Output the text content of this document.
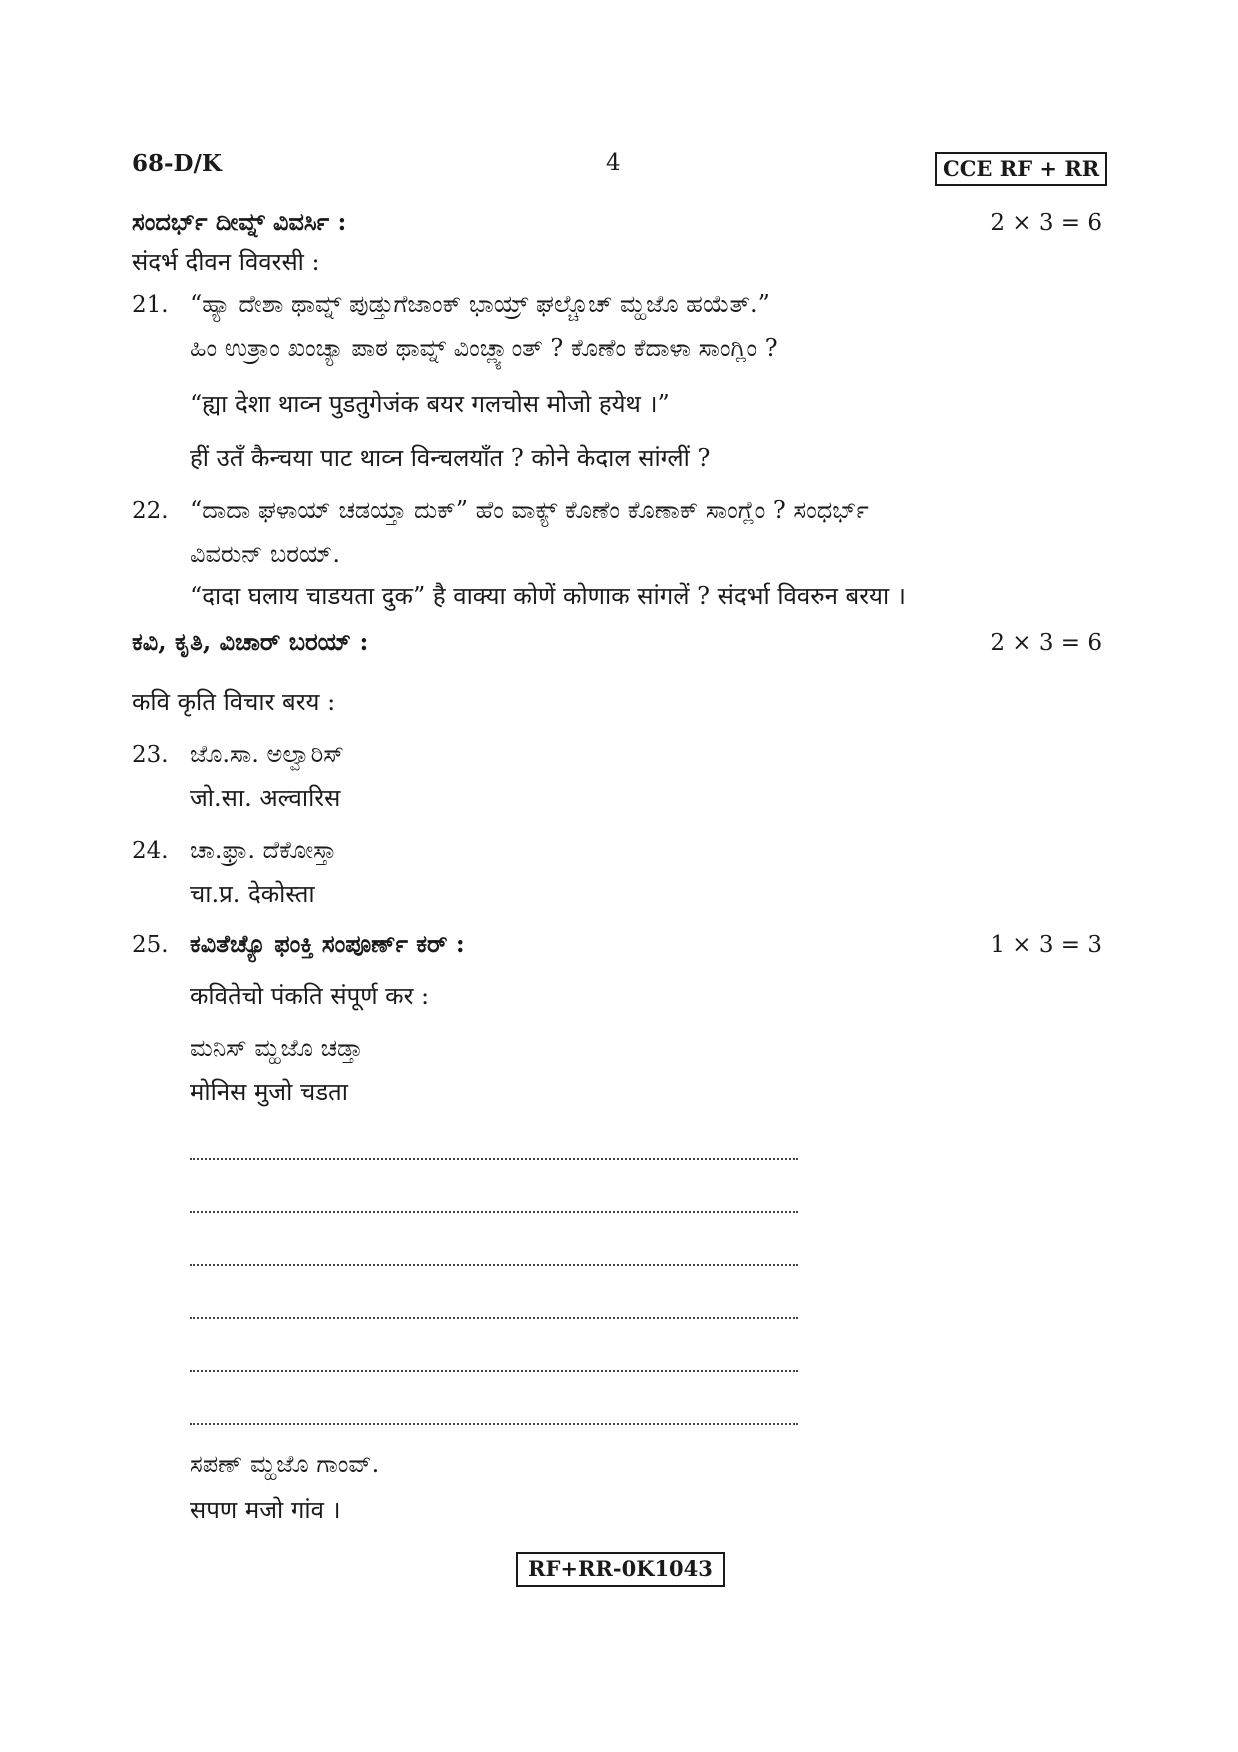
68-D/K	4	CCE RF + RR
ಸಂದರ್ಭ್ ದೀವ್ನ್ ವಿವರ್ಸಿ :	2 × 3 = 6
संदर्भ दीवन विवरसी :
21. “ಹ್ಯಾ ದೇಶಾ ಥಾವ್ನ್ ಪುಡ್ತುಗೆಜಾಂಕ್ ಭಾಯ್ರ್ ಘಲ್ಚೊಚ್ ಮ್ಹಜೊ ಹಯೆತ್.”
ಹಿಂ ಉತ್ರಾಂ ಖಂಚ್ಯಾ ಪಾಠ ಥಾವ್ನ್ ವಿಂಚ್ಲ್ಯಾಂತ್ ? ಕೊಣೆಂ ಕೆದಾಳಾ ಸಾಂಗ್ಲಿಂ ?
“ह्या देशा थाव्न पुडतुगेजंक बयर गलचोस मोजो हयेथ ।”
हीं उतँ कैन्चया पाट थाव्न विन्चलयाँत ? कोने केदाल सांग्लीं ?
22. “ದಾದಾ ಘಳಾಯ್ ಚಡಯ್ತಾ ದುಕ್” ಹೆಂ ವಾಕ್ಯ್ ಕೊಣೆಂ ಕೊಣಾಕ್ ಸಾಂಗ್ಲೆಂ ? ಸಂಧರ್ಭ್
ವಿವರುನ್ ಬರಯ್.
“दादा घलाय चाडयता दुक” है वाक्या कोणें कोणाक सांगलें ? संदर्भा विवरुन बरया ।
ಕವಿ, ಕೃತಿ, ವಿಚಾರ್ ಬರಯ್ :	2 × 3 = 6
कवि कृति विचार बरय :
23. ಜೊ.ಸಾ. ಅಲ್ವಾರಿಸ್
जो.सा. अल्वारिस
24. ಚಾ.ಫ್ರಾ. ದೆಕೋಸ್ತಾ
चा.प्र. देकोस्ता
25. ಕವಿತೆಚ್ಯೊ ಫಂಕ್ತಿ ಸಂಪೂರ್ಣ್ ಕರ್ :	1 × 3 = 3
कवितेचो पंकति संपूर्ण कर :
ಮನಿಸ್ ಮ್ಹಜೊ ಚಡ್ತಾ
मोनिस मुजो चडता
ಸಪಣ್ ಮ್ಹಜೊ ಗಾಂವ್.
सपण मजो गांव ।
RF+RR-0K1043
